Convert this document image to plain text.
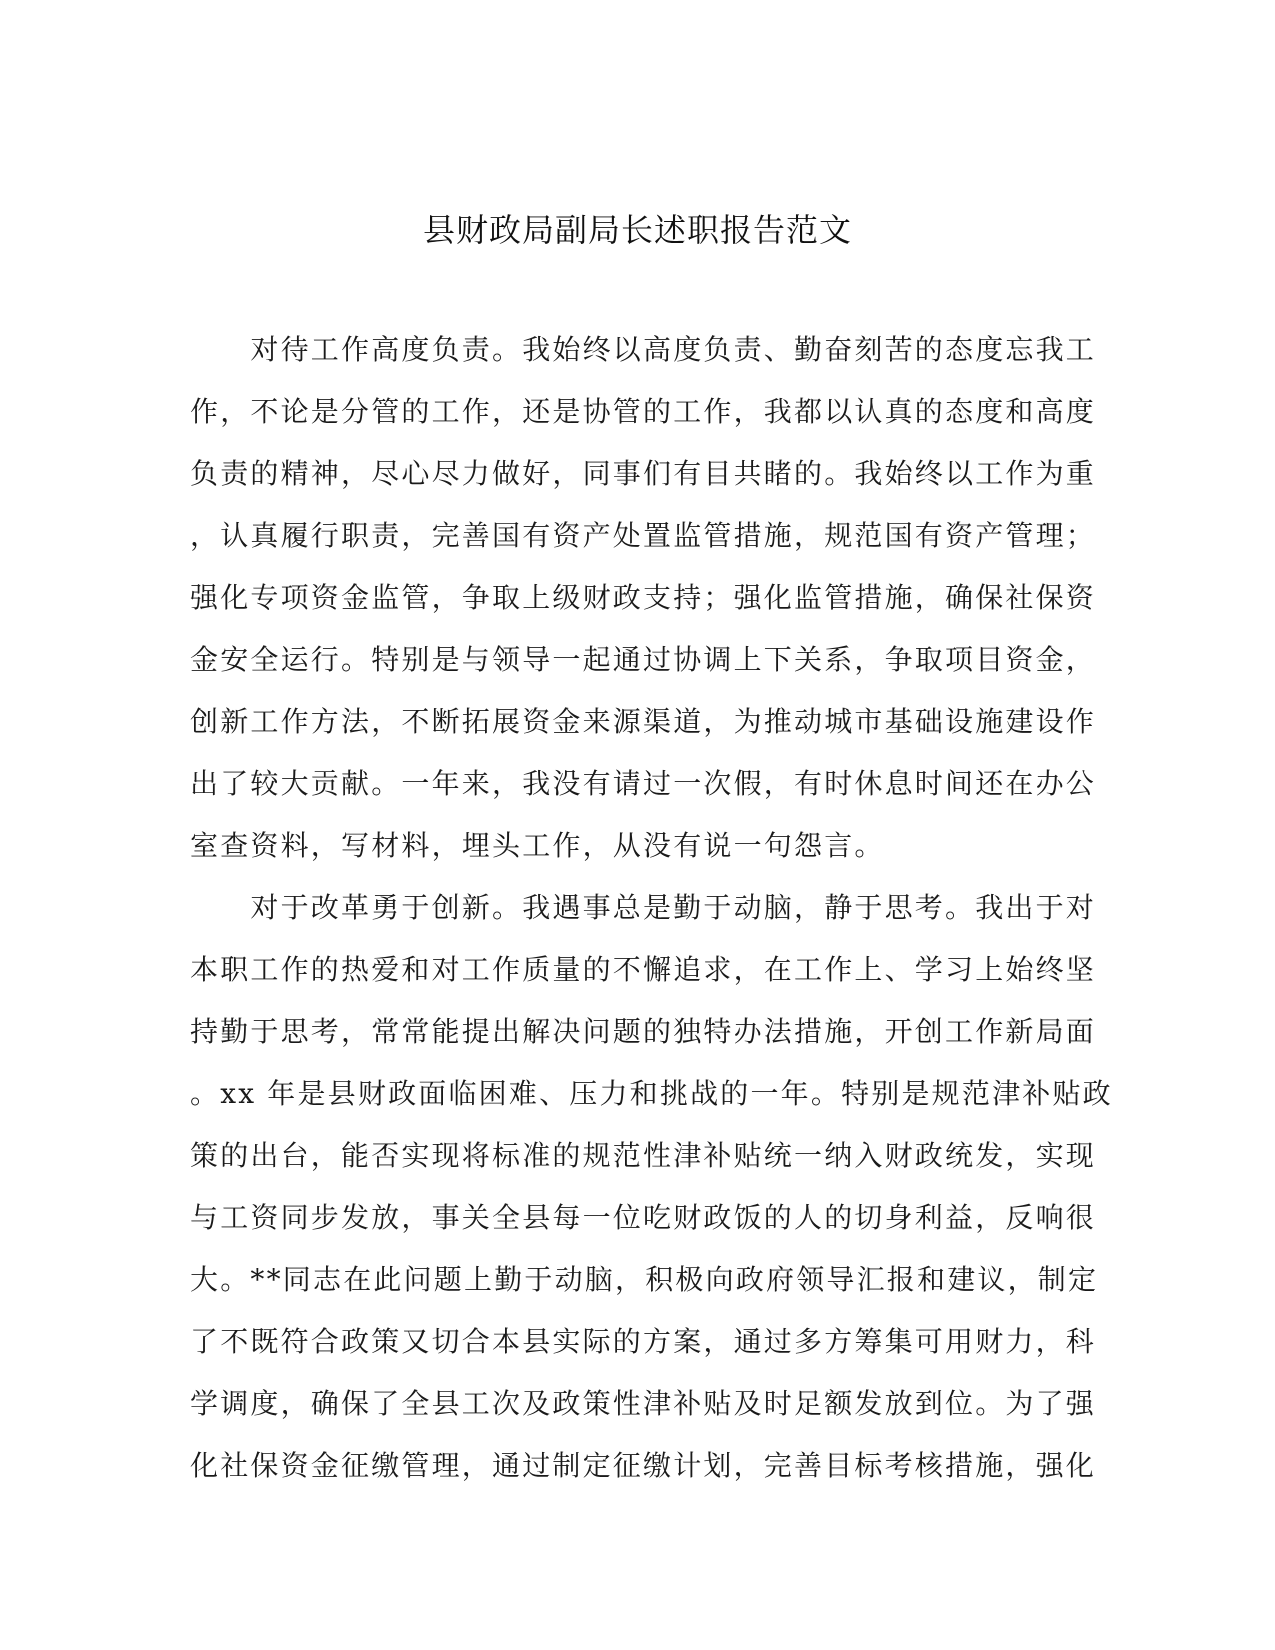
县财政局副局长述职报告范文
　　对待工作高度负责。我始终以高度负责、勤奋刻苦的态度忘我工
作，不论是分管的工作，还是协管的工作，我都以认真的态度和高度
负责的精神，尽心尽力做好，同事们有目共睹的。我始终以工作为重
，认真履行职责，完善国有资产处置监管措施，规范国有资产管理；
强化专项资金监管，争取上级财政支持；强化监管措施，确保社保资
金安全运行。特别是与领导一起通过协调上下关系，争取项目资金，
创新工作方法，不断拓展资金来源渠道，为推动城市基础设施建设作
出了较大贡献。一年来，我没有请过一次假，有时休息时间还在办公
室查资料，写材料，埋头工作，从没有说一句怨言。
　　对于改革勇于创新。我遇事总是勤于动脑，静于思考。我出于对
本职工作的热爱和对工作质量的不懈追求，在工作上、学习上始终坚
持勤于思考，常常能提出解决问题的独特办法措施，开创工作新局面
。xx 年是县财政面临困难、压力和挑战的一年。特别是规范津补贴政
策的出台，能否实现将标准的规范性津补贴统一纳入财政统发，实现
与工资同步发放，事关全县每一位吃财政饭的人的切身利益，反响很
大。**同志在此问题上勤于动脑，积极向政府领导汇报和建议，制定
了不既符合政策又切合本县实际的方案，通过多方筹集可用财力，科
学调度，确保了全县工次及政策性津补贴及时足额发放到位。为了强
化社保资金征缴管理，通过制定征缴计划，完善目标考核措施，强化
